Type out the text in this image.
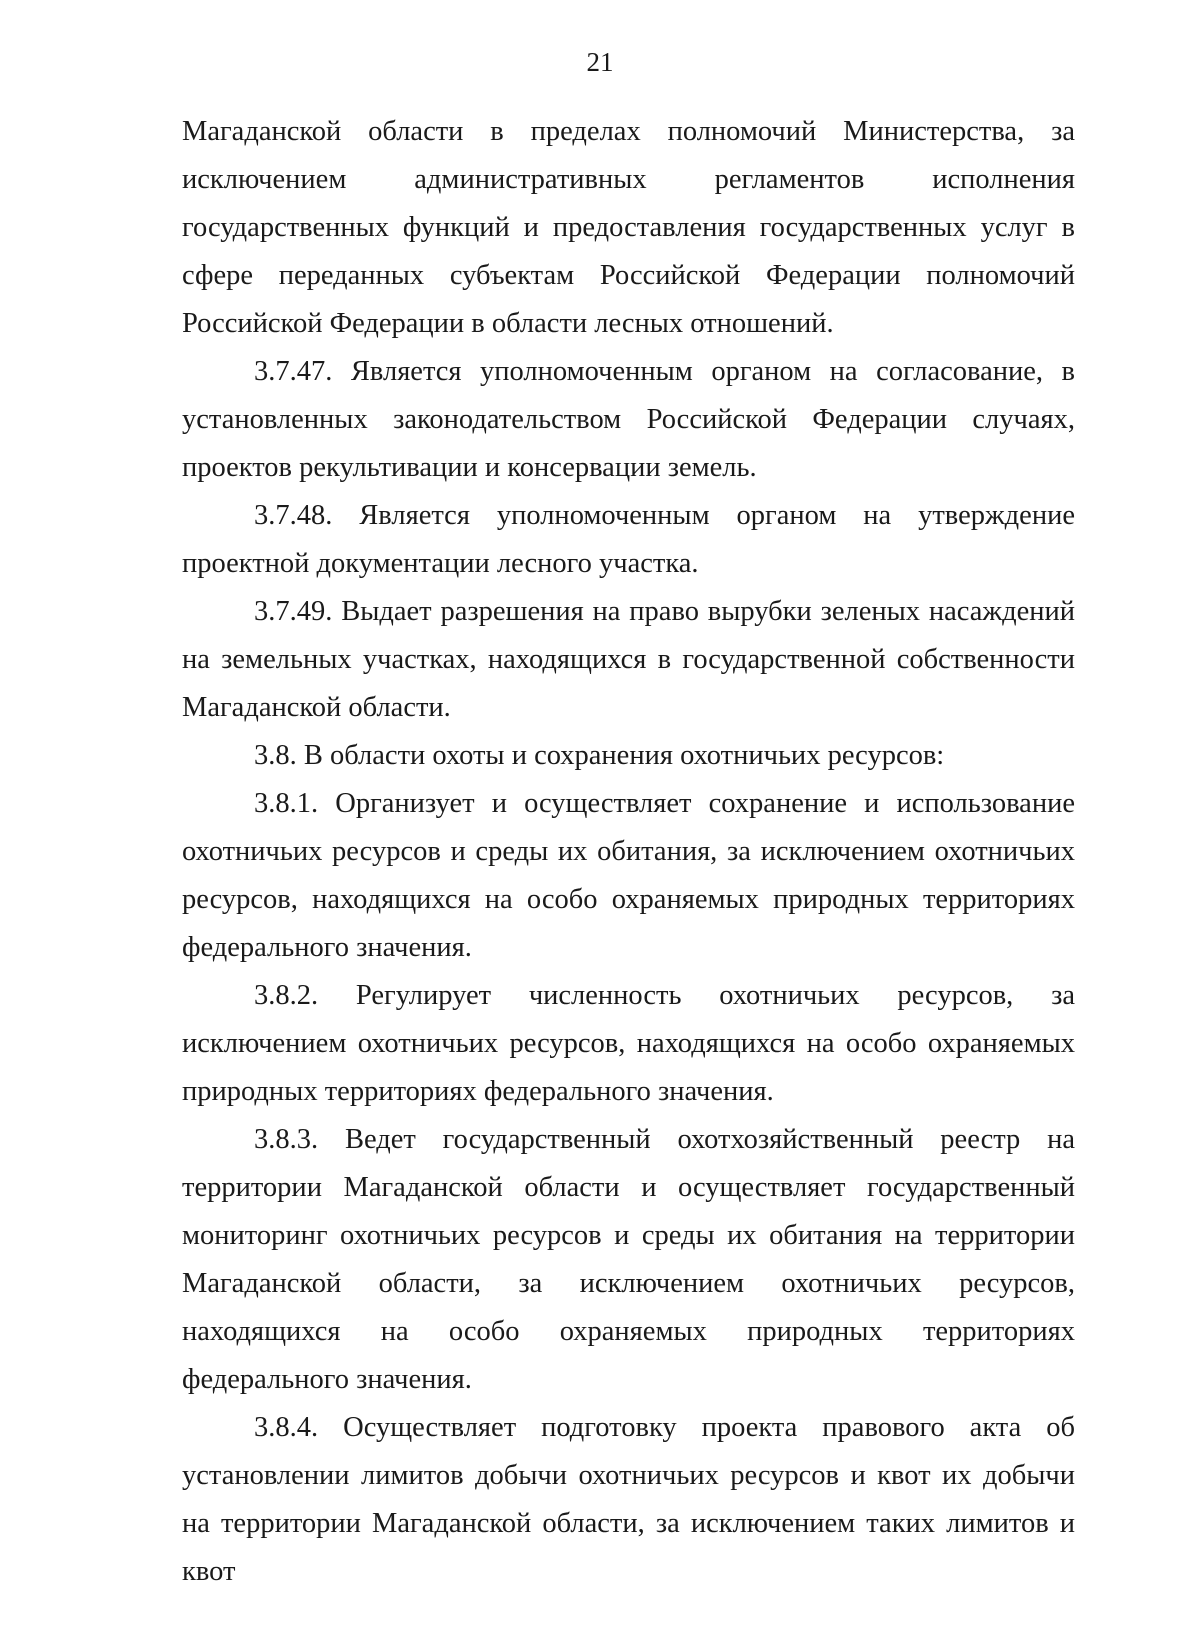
21

Магаданской области в пределах полномочий Министерства, за исключением административных регламентов исполнения государственных функций и предоставления государственных услуг в сфере переданных субъектам Российской Федерации полномочий Российской Федерации в области лесных отношений.

3.7.47. Является уполномоченным органом на согласование, в установленных законодательством Российской Федерации случаях, проектов рекультивации и консервации земель.

3.7.48. Является уполномоченным органом на утверждение проектной документации лесного участка.

3.7.49. Выдает разрешения на право вырубки зеленых насаждений на земельных участках, находящихся в государственной собственности Магаданской области.

3.8. В области охоты и сохранения охотничьих ресурсов:

3.8.1. Организует и осуществляет сохранение и использование охотничьих ресурсов и среды их обитания, за исключением охотничьих ресурсов, находящихся на особо охраняемых природных территориях федерального значения.

3.8.2. Регулирует численность охотничьих ресурсов, за исключением охотничьих ресурсов, находящихся на особо охраняемых природных территориях федерального значения.

3.8.3. Ведет государственный охотхозяйственный реестр на территории Магаданской области и осуществляет государственный мониторинг охотничьих ресурсов и среды их обитания на территории Магаданской области, за исключением охотничьих ресурсов, находящихся на особо охраняемых природных территориях федерального значения.

3.8.4. Осуществляет подготовку проекта правового акта об установлении лимитов добычи охотничьих ресурсов и квот их добычи на территории Магаданской области, за исключением таких лимитов и квот
